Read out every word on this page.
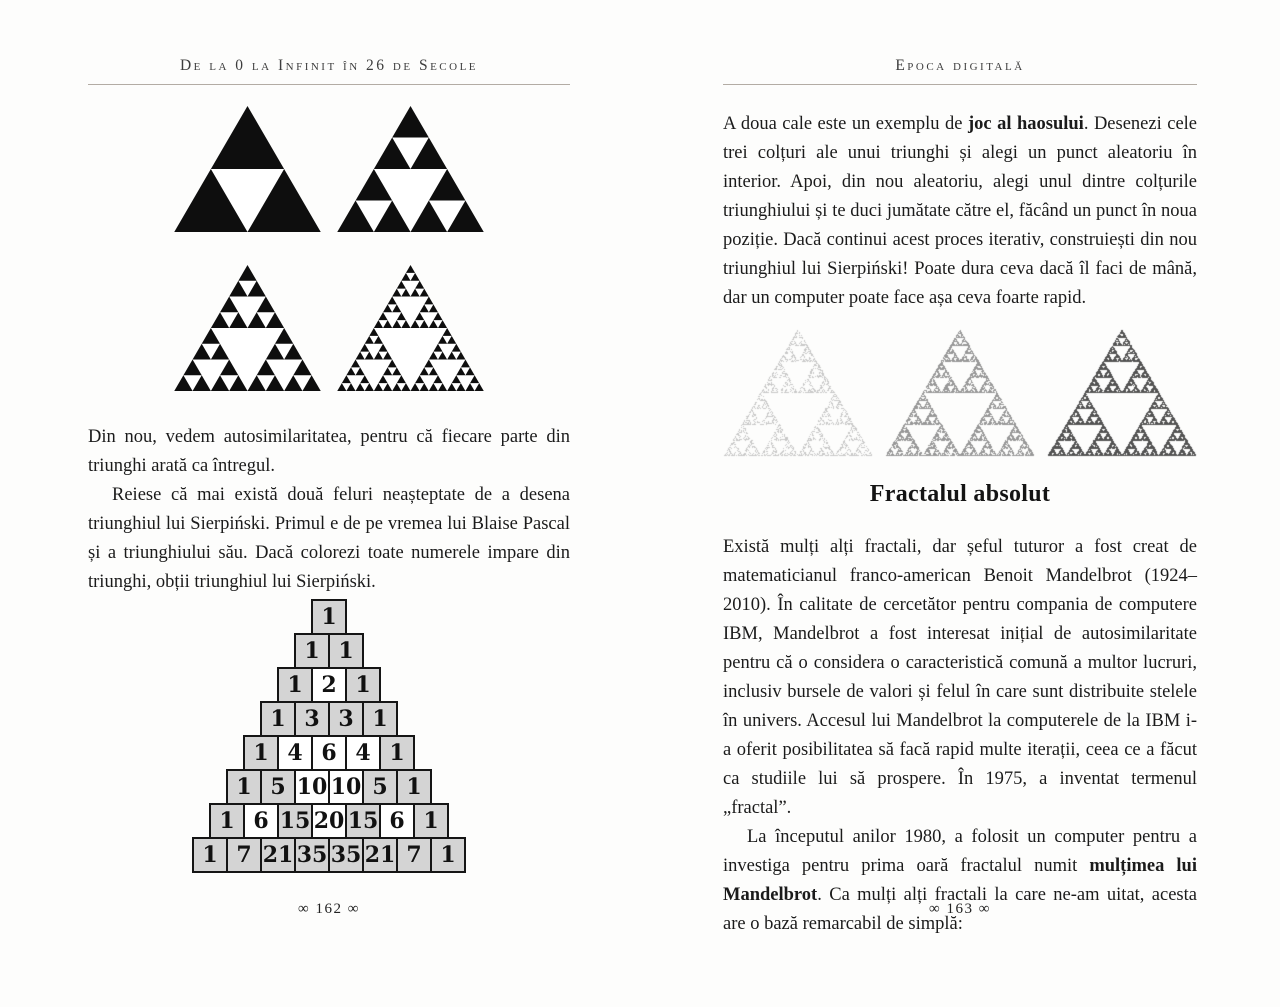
De la 0 la Infinit în 26 de Secole

Din nou, vedem autosimilaritatea, pentru că fiecare parte din triunghi arată ca întregul.

Reiese că mai există două feluri neașteptate de a desena triunghiul lui Sierpiński. Primul e de pe vremea lui Blaise Pascal și a triunghiului său. Dacă colorezi toate numerele impare din triunghi, obții triunghiul lui Sierpiński.

1
1 1
1 2 1
1 3 3 1
1 4 6 4 1
1 5 10 10 5 1
1 6 15 20 15 6 1
1 7 21 35 35 21 7 1
∞ 162 ∞
Epoca digitală

A doua cale este un exemplu de joc al haosului. Desenezi cele trei colțuri ale unui triunghi și alegi un punct aleatoriu în interior. Apoi, din nou aleatoriu, alegi unul dintre colțurile triunghiului și te duci jumătate către el, făcând un punct în noua poziție. Dacă continui acest proces iterativ, construiești din nou triunghiul lui Sierpiński! Poate dura ceva dacă îl faci de mână, dar un computer poate face așa ceva foarte rapid.

Fractalul absolut

Există mulți alți fractali, dar șeful tuturor a fost creat de matematicianul franco-american Benoit Mandelbrot (1924–2010). În calitate de cercetător pentru compania de computere IBM, Mandelbrot a fost interesat inițial de autosimilaritate pentru că o considera o caracteristică comună a multor lucruri, inclusiv bursele de valori și felul în care sunt distribuite stelele în univers. Accesul lui Mandelbrot la computerele de la IBM i-a oferit posibilitatea să facă rapid multe iterații, ceea ce a făcut ca studiile lui să prospere. În 1975, a inventat termenul „fractal”.

La începutul anilor 1980, a folosit un computer pentru a investiga pentru prima oară fractalul numit mulțimea lui Mandelbrot. Ca mulți alți fractali la care ne-am uitat, acesta are o bază remarcabil de simplă:

∞ 163 ∞
